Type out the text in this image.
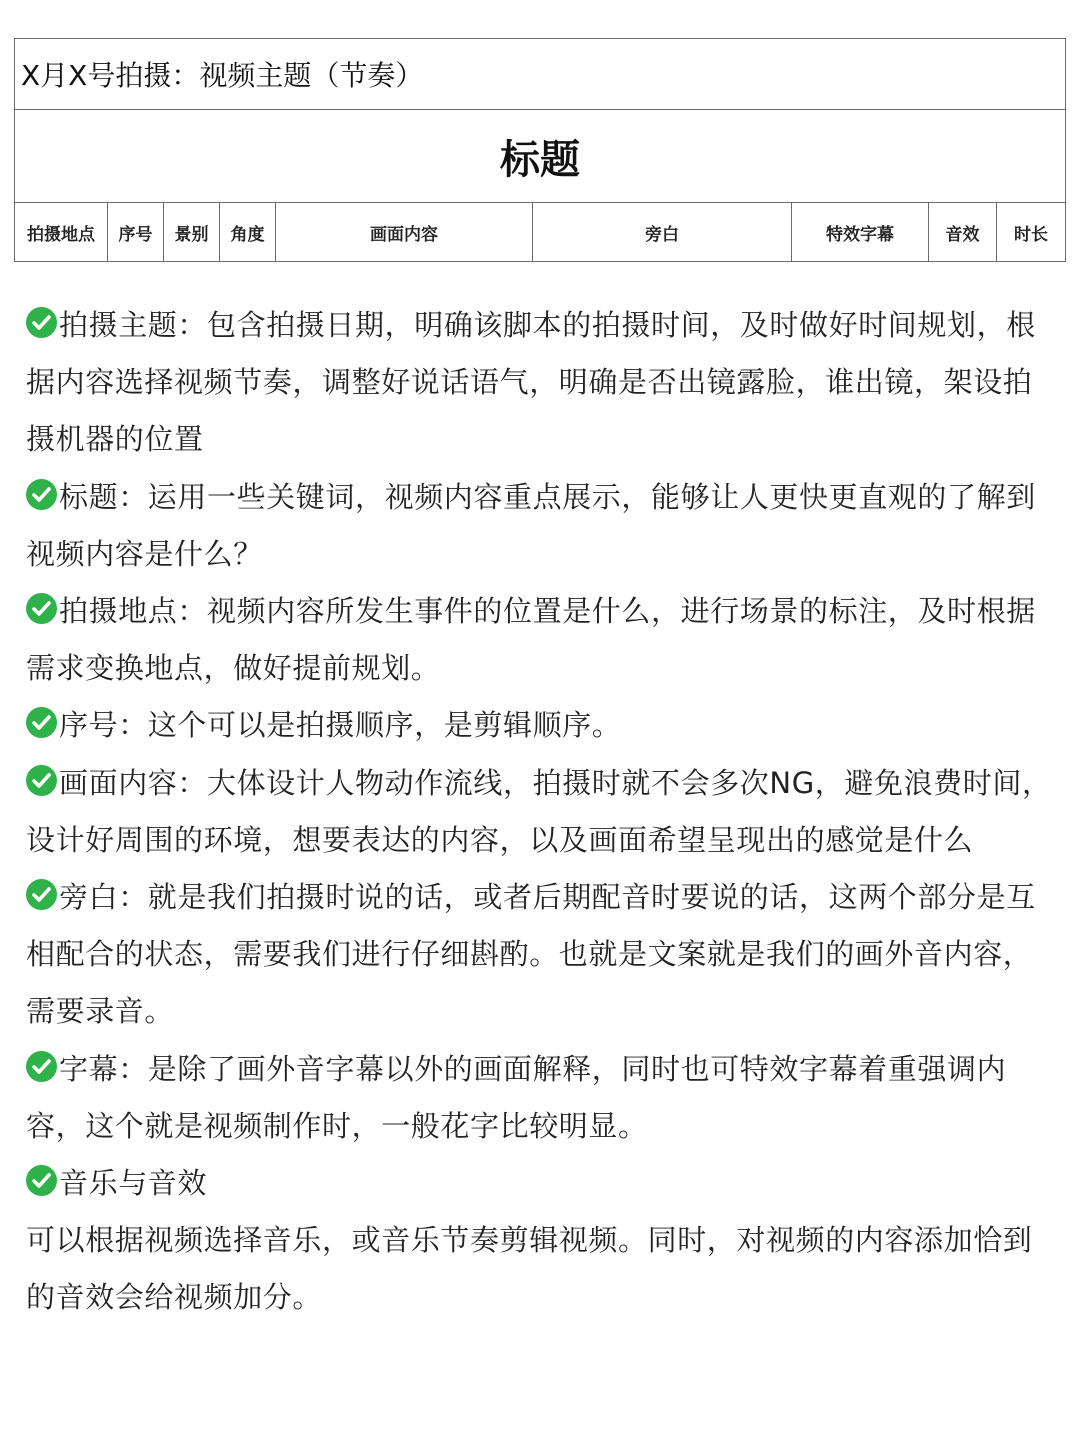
X月X号拍摄：视频主题（节奏）
标题
拍摄地点	序号	景别	角度	画面内容	旁白	特效字幕	音效	时长

拍摄主题：包含拍摄日期，明确该脚本的拍摄时间，及时做好时间规划，根据内容选择视频节奏，调整好说话语气，明确是否出镜露脸，谁出镜，架设拍摄机器的位置

标题：运用一些关键词，视频内容重点展示，能够让人更快更直观的了解到视频内容是什么？

拍摄地点：视频内容所发生事件的位置是什么，进行场景的标注，及时根据需求变换地点，做好提前规划。

序号：这个可以是拍摄顺序，是剪辑顺序。

画面内容：大体设计人物动作流线，拍摄时就不会多次NG，避免浪费时间，设计好周围的环境，想要表达的内容，以及画面希望呈现出的感觉是什么

旁白：就是我们拍摄时说的话，或者后期配音时要说的话，这两个部分是互相配合的状态，需要我们进行仔细斟酌。也就是文案就是我们的画外音内容，需要录音。

字幕：是除了画外音字幕以外的画面解释，同时也可特效字幕着重强调内容，这个就是视频制作时，一般花字比较明显。

音乐与音效

可以根据视频选择音乐，或音乐节奏剪辑视频。同时，对视频的内容添加恰到的音效会给视频加分。
